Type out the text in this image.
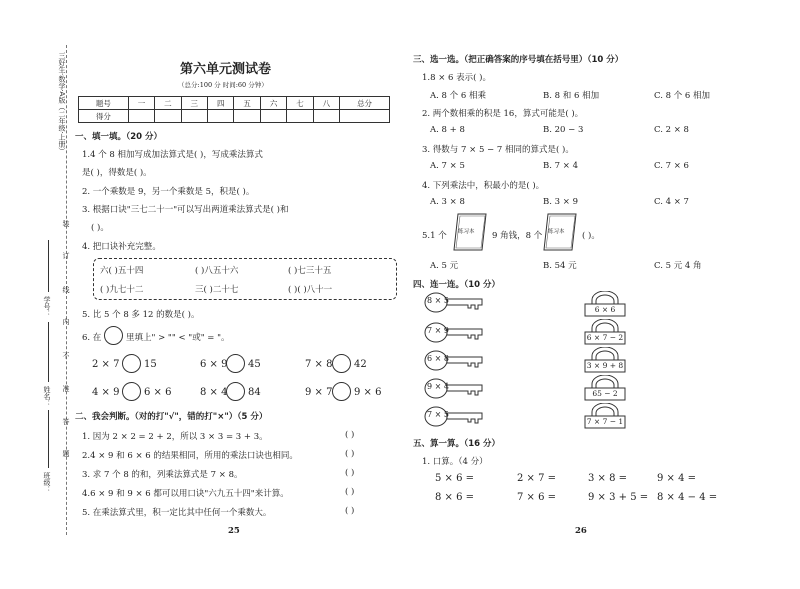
三好生·数学·A版（二年级·上册）
装
订
线
内
不
准
答
题
学号：
姓名：
班级：
第六单元测试卷
（总分:100 分 时间:60 分钟）
题号	一	二	三	四	五	六	七	八	总分
得分									
一、填一填。（20 分）
1.4 个 8 相加写成加法算式是( )，写成乘法算式
是( )，得数是( )。
2. 一个乘数是 9，另一个乘数是 5，积是( )。
3. 根据口诀"三七二十一"可以写出两道乘法算式是( )和
( )。
4. 把口诀补充完整。
六( )五十四	( )八五十六	( )七三十五
( )九七十二	三( )二十七	( )( )八十一
5. 比 5 个 8 多 12 的数是( )。
6. 在	里填上" > "" < "或" = "。
2 × 7 15	6 × 9 45	7 × 8 42
4 × 9 6 × 6	8 × 4 84	9 × 7 9 × 6
二、我会判断。（对的打"√"，错的打"×"）（5 分）
1. 因为 2 × 2 = 2 + 2，所以 3 × 3 = 3 + 3。	( )
2.4 × 9 和 6 × 6 的结果相同，所用的乘法口诀也相同。	( )
3. 求 7 个 8 的和，列乘法算式是 7 × 8。	( )
4.6 × 9 和 9 × 6 都可以用口诀"六九五十四"来计算。	( )
5. 在乘法算式里，积一定比其中任何一个乘数大。	( )
25
三、选一选。（把正确答案的序号填在括号里）（10 分）
1.8 × 6 表示( )。
A. 8 个 6 相乘	B. 8 和 6 相加	C. 8 个 6 相加
2. 两个数相乘的积是 16，算式可能是( )。
A. 8 + 8	B. 20 − 3	C. 2 × 8
3. 得数与 7 × 5 − 7 相同的算式是( )。
A. 7 × 5	B. 7 × 4	C. 7 × 6
4. 下列乘法中，积最小的是( )。
A. 3 × 8	B. 3 × 9	C. 4 × 7
5.1 个 练习本 9 角钱，8 个 练习本 ( )。
A. 5 元	B. 54 元	C. 5 元 4 角
四、连一连。（10 分）
8 × 5
7 × 9
6 × 8
9 × 4
7 × 5
6 × 6
6 × 7 − 2
3 × 9 + 8
65 − 2
7 × 7 − 1
五、算一算。（16 分）
1. 口算。（4 分）
5 × 6 =	2 × 7 =	3 × 8 =	9 × 4 =
8 × 6 =	7 × 6 =	9 × 3 + 5 = 8 × 4 − 4 =
26
